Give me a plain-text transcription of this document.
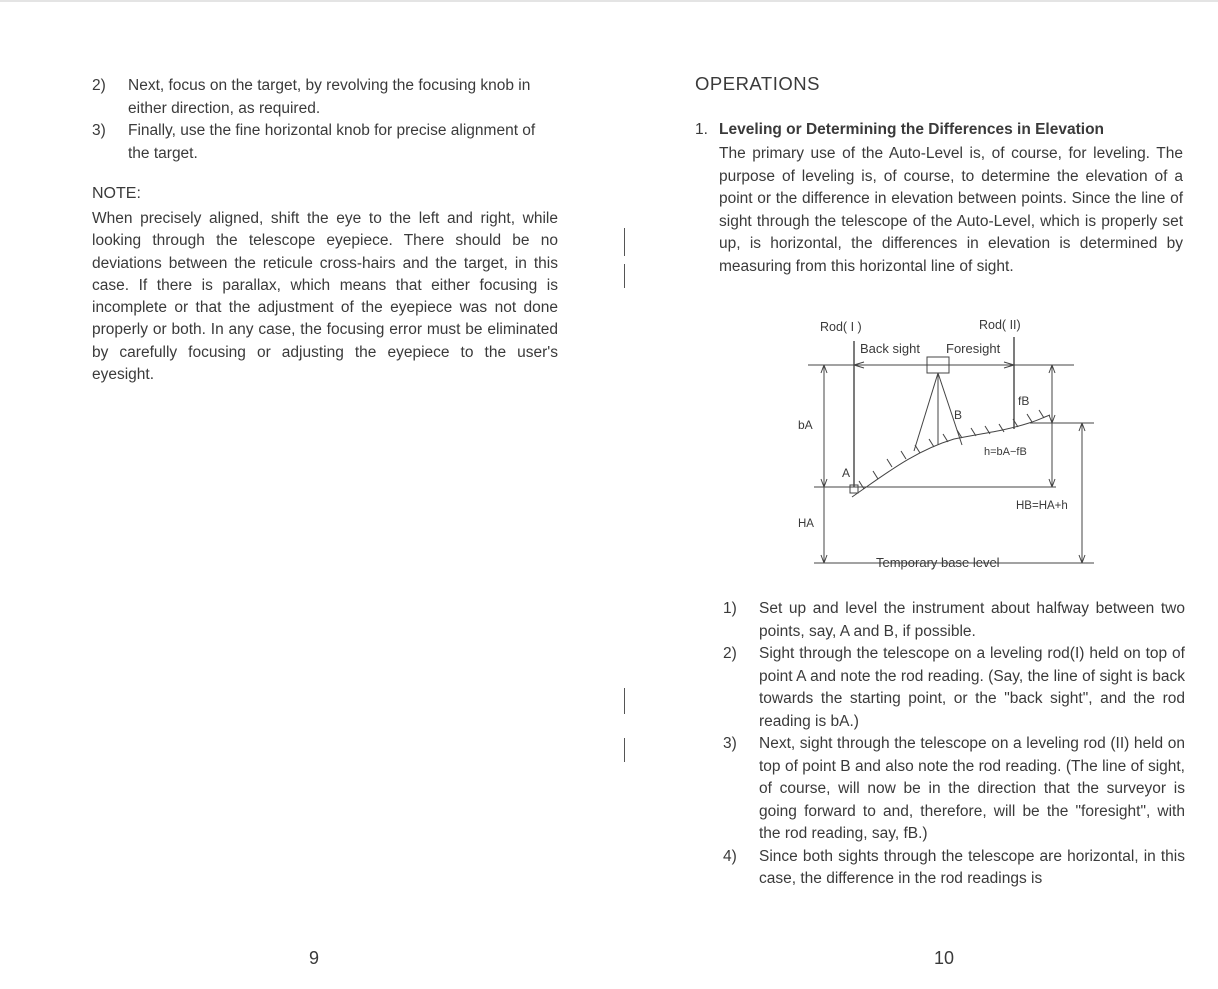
2) Next, focus on the target, by revolving the focusing knob in either direction, as required.
3) Finally, use the fine horizontal knob for precise alignment of the target.
NOTE:

When precisely aligned, shift the eye to the left and right, while looking through the telescope eyepiece. There should be no deviations between the reticule cross-hairs and the target, in this case. If there is parallax, which means that either focusing is incomplete or that the adjustment of the eyepiece was not done properly or both. In any case, the focusing error must be eliminated by carefully focusing or adjusting the eyepiece to the user's eyesight.

9
OPERATIONS
1. Leveling or Determining the Differences in Elevation

The primary use of the Auto-Level is, of course, for leveling. The purpose of leveling is, of course, to determine the elevation of a point or the difference in elevation between points. Since the line of sight through the telescope of the Auto-Level, which is properly set up, is horizontal, the differences in elevation is determined by measuring from this horizontal line of sight.

Rod( I )	Rod( II)
Back sight Foresight
B
fB
bA
h=bA−fB
A
HB=HA+h
HA
Temporary base level
1) Set up and level the instrument about halfway between two points, say, A and B, if possible.
2) Sight through the telescope on a leveling rod(I) held on top of point A and note the rod reading. (Say, the line of sight is back towards the starting point, or the "back sight", and the rod reading is bA.)
3) Next, sight through the telescope on a leveling rod (II) held on top of point B and also note the rod reading. (The line of sight, of course, will now be in the direction that the surveyor is going forward to and, therefore, will be the "foresight", with the rod reading, say, fB.)
4) Since both sights through the telescope are horizontal, in this case, the difference in the rod readings is
10
